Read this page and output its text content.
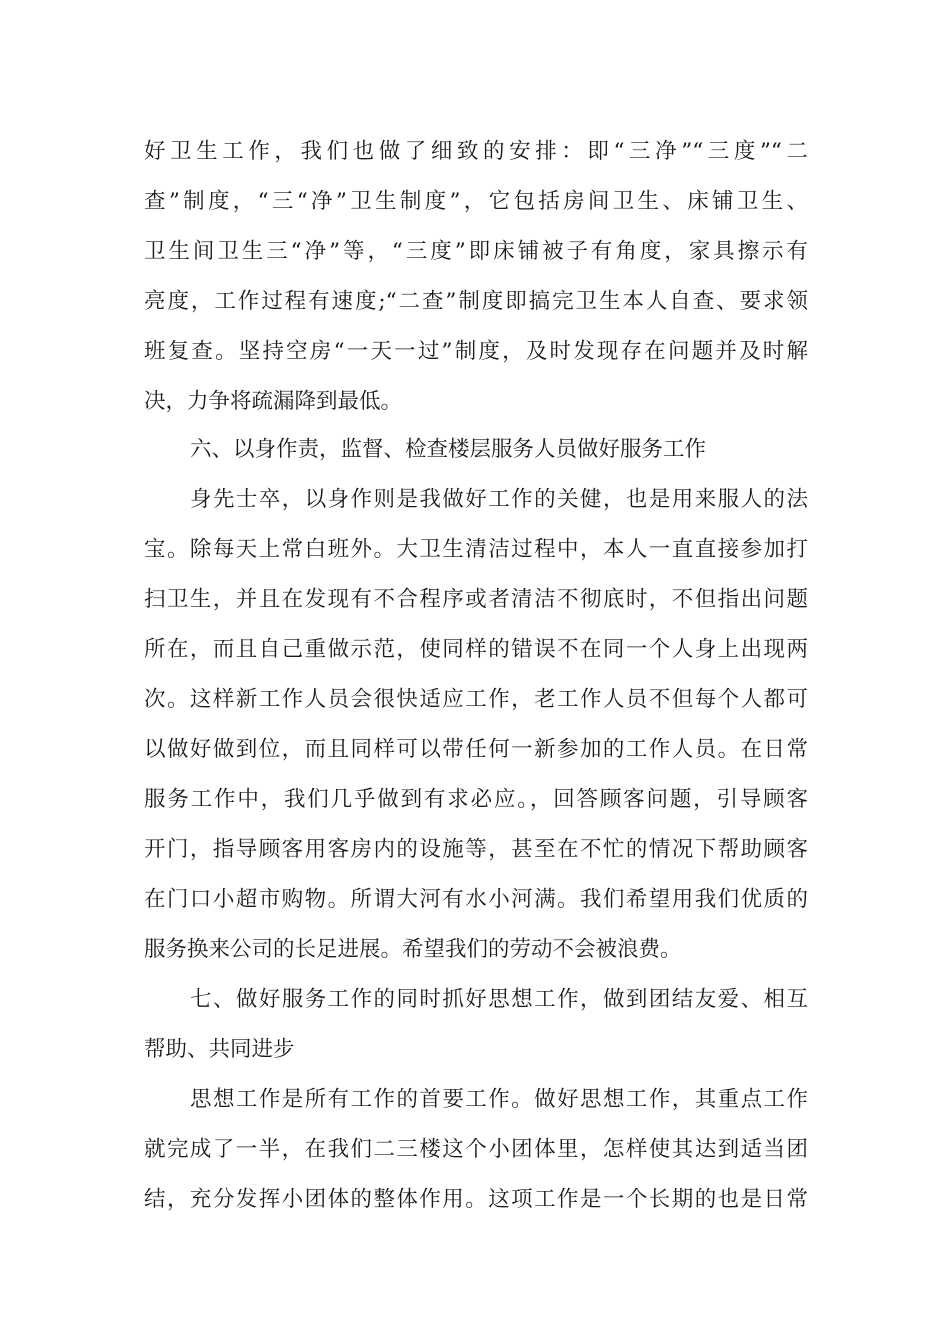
好卫生工作，我们也做了细致的安排：即“三净”“三度”“二
查”制度，“三“净”卫生制度”，它包括房间卫生、床铺卫生、
卫生间卫生三“净”等，“三度”即床铺被子有角度，家具擦示有
亮度，工作过程有速度;“二查”制度即搞完卫生本人自查、要求领
班复查。坚持空房“一天一过”制度，及时发现存在问题并及时解
决，力争将疏漏降到最低。
六、以身作责，监督、检查楼层服务人员做好服务工作
身先士卒，以身作则是我做好工作的关健，也是用来服人的法
宝。除每天上常白班外。大卫生清洁过程中，本人一直直接参加打
扫卫生，并且在发现有不合程序或者清洁不彻底时，不但指出问题
所在，而且自己重做示范，使同样的错误不在同一个人身上出现两
次。这样新工作人员会很快适应工作，老工作人员不但每个人都可
以做好做到位，而且同样可以带任何一新参加的工作人员。在日常
服务工作中，我们几乎做到有求必应。，回答顾客问题，引导顾客
开门，指导顾客用客房内的设施等，甚至在不忙的情况下帮助顾客
在门口小超市购物。所谓大河有水小河满。我们希望用我们优质的
服务换来公司的长足进展。希望我们的劳动不会被浪费。
七、做好服务工作的同时抓好思想工作，做到团结友爱、相互
帮助、共同进步
思想工作是所有工作的首要工作。做好思想工作，其重点工作
就完成了一半，在我们二三楼这个小团体里，怎样使其达到适当团
结，充分发挥小团体的整体作用。这项工作是一个长期的也是日常
